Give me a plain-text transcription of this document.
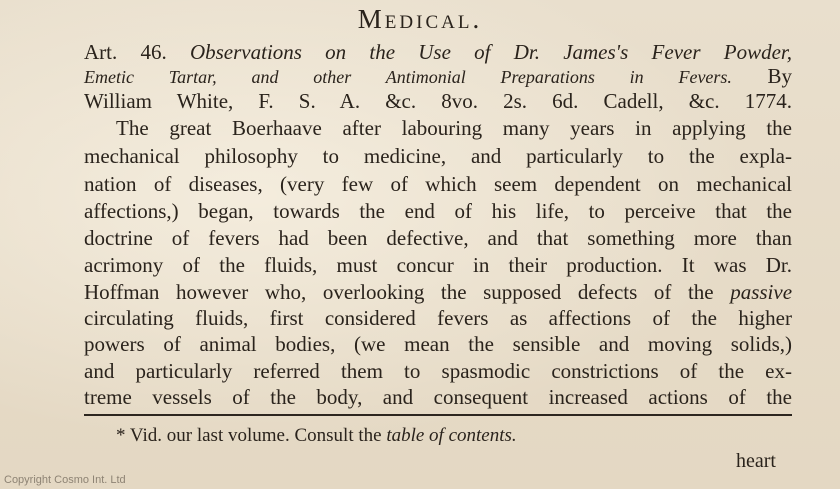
Medical.
Art. 46. Observations on the Use of Dr. James's Fever Powder,
Emetic Tartar, and other Antimonial Preparations in Fevers. By
William White, F. S. A. &c. 8vo. 2s. 6d. Cadell, &c. 1774.
The great Boerhaave after labouring many years in applying the
mechanical philosophy to medicine, and particularly to the expla-
nation of diseases, (very few of which seem dependent on mechanical
affections,) began, towards the end of his life, to perceive that the
doctrine of fevers had been defective, and that something more than
acrimony of the fluids, must concur in their production. It was Dr.
Hoffman however who, overlooking the supposed defects of the passive
circulating fluids, first considered fevers as affections of the higher
powers of animal bodies, (we mean the sensible and moving solids,)
and particularly referred them to spasmodic constrictions of the ex-
treme vessels of the body, and consequent increased actions of the
* Vid. our last volume. Consult the table of contents.
heart
Copyright Cosmo Int. Ltd
